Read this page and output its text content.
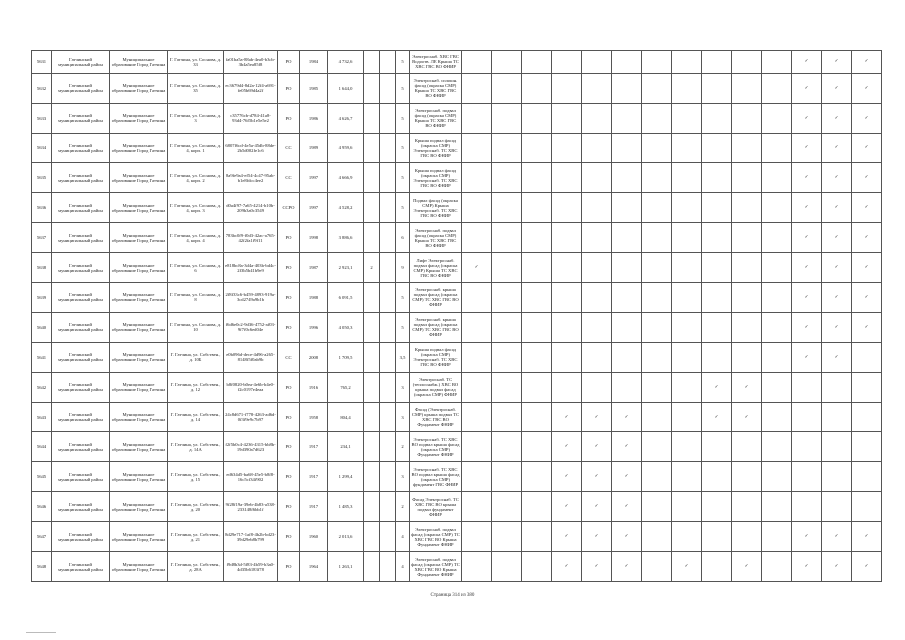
5631	Гатчинский муниципальный район	Муниципальное образование Город Гатчина	Г. Гатчина, ул. Соснова, д. 33	fa01ba5a-88ab-4ea0-b3cb-3b4a5ea85f8	PO	1984	4 732,6			5	Электроснаб. ХВС ГВС Водоотв. ЛЕ Крыша ТС ХВС ГВС ВО ФНИР												✓	✓	✓
5632	Гатчинский муниципальный район	Муниципальное образование Город Гатчина	Г. Гатчина, ул. Соснова, д. 35	ec3679d4-8d2a-12f4-a691-fe05b69d4a2f	PO	1985	1 644,0			5	Электроснаб. сплошн. фасад (окраска СМР) Крыша ТС ХВС ГВС ВО ФНИР												✓	✓	✓
5633	Гатчинский муниципальный район	Муниципальное образование Город Гатчина	Г. Гатчина, ул. Соснова, д. 3	c35776cb-d784-41a8-93d4-76f5b1e5e5e2	PO	1986	4 626,7			5	Электроснаб. подвал фасад (окраска СМР) Крыша ТС ХВС ГВС ВО ФНИР												✓	✓	✓
5634	Гатчинский муниципальный район	Муниципальное образование Город Гатчина	Г. Гатчина, ул. Соснова, д. 4, корп. 1	6807f6cd-4e5a-45db-88de-2b5d002fe1c6	CC	1989	4 959,6			5	Крыша подвал фасад (окраска СМР) Электроснаб. ТС ХВС ГВС ВО ФНИР												✓	✓	✓
5635	Гатчинский муниципальный район	Муниципальное образование Город Гатчина	Г. Гатчина, ул. Соснова, д. 4, корп. 2	8a9fe9a4-ef54-4c47-95ab-b1e8fdcc4ee2	CC	1997	4 666,9			5	Крыша подвал фасад (окраска СМР) Электроснаб. ТС ХВС ГВС ВО ФНИР												✓	✓	✓
5636	Гатчинский муниципальный район	Муниципальное образование Город Гатчина	Г. Гатчина, ул. Соснова, д. 4, корп. 3	d0a4f97-7a65-4214-b10b-209b3a0c3549	CCPO	1997	4 528,2			5	Подвал фасад (окраска СМР) Крыша Электроснаб. ТС ХВС ГВС ВО ФНИР												✓	✓	✓
5637	Гатчинский муниципальный район	Муниципальное образование Город Гатчина	Г. Гатчина, ул. Соснова, д. 4, корп. 4	783bc0f9-f0d3-42ac-a765-42f2fa1f9f11	PO	1998	3 886,6			6	Электроснаб. подвал фасад (окраска СМР) Крыша ТС ХВС ГВС ВО ФНИР												✓	✓	✓
5638	Гатчинский муниципальный район	Муниципальное образование Город Гатчина	Г. Гатчина, ул. Соснова, д. 6	e818bc8a-3d4a-403b-bd4c-2f3b5b41b9e9	PO	1987	2 923,1	2		9	Лифт Электроснаб. подвал фасад (окраска СМР) Крыша ТС ХВС ГВС ВО ФНИР	✓											✓	✓	✓
5639	Гатчинский муниципальный район	Муниципальное образование Город Гатчина	Г. Гатчина, ул. Соснова, д. 8	2f8f33c6-b459-4893-919a-3cd2749a9b1b	PO	1988	6 091,5			5	Электроснаб. крыша подвал фасад (окраска СМР) ТС ХВС ГВС ВО ФНИР												✓	✓	✓
5640	Гатчинский муниципальный район	Муниципальное образование Город Гатчина	Г. Гатчина, ул. Соснова, д. 10	f6d6e0c2-9d36-4752-af03-9f7f0c6ed04e	PO	1996	4 050,3			5	Электроснаб. крыша подвал фасад (окраска СМР) ТС ХВС ГВС ВО ФНИР												✓	✓	✓
5641	Гатчинский муниципальный район	Муниципальное образование Город Гатчина	Г. Гатчина, ул. Собствен., д. 10Б	e0b096d-dece-4d96-a265-8148f5f0ab9b	CC	2008	1 709,5			3,5	Крыша подвал фасад (окраска СМР) Электроснаб. ТС ХВС ГВС ВО ФНИР												✓	✓	
5642	Гатчинский муниципальный район	Муниципальное образование Город Гатчина	Г. Гатчина, ул. Собствен., д. 12	b8f0820-b0ea-4e6b-b4e0-f2c0197e4eaa	PO	1916	765,2			3	Электроснаб. ТС (теплоснабж.) ХВС ВО крыша подвал фасад (окраска СМР) ФНИР									✓	✓				
5643	Гатчинский муниципальный район	Муниципальное образование Город Гатчина	Г. Гатчина, ул. Собствен., д. 14	24c8d671-f778-4263-ad6d-0f3f9e9c7b97	PO	1958	804,4			3	Фасад (Электроснаб. СМР) крыша подвал ТС ХВС ГВС ВО Фундамент ФНИР				✓	✓	✓			✓	✓				
5644	Гатчинский муниципальный район	Муниципальное образование Город Гатчина	Г. Гатчина, ул. Собствен., д. 14А	f2f5b0c4-4236-4315-bb8b-19d390a7d623	PO	1917	234,1			2	Электроснаб. ТС ХВС ВО подвал крыша фасад (окраска СМР) Фундамент ФНИР				✓	✓	✓								
5645	Гатчинский муниципальный район	Муниципальное образование Город Гатчина	Г. Гатчина, ул. Собствен., д. 15	ed634d5-ba68-45e5-b8f8-16c5cf34f902	PO	1917	1 299,4			3	Электроснаб. ТС ХВС ВО подвал крыша фасад (окраска СМР) фундамент ГВС ФНИР				✓	✓	✓								
5646	Гатчинский муниципальный район	Муниципальное образование Город Гатчина	Г. Гатчина, ул. Собствен., д. 20	9f28f19a-39eb-4b83-a538-233148f6bb1f	PO	1917	1 485,3			2	Фасад Электроснаб. ТС ХВС ГВС ВО крыша подвал фундамент ФНИР				✓	✓	✓								
5647	Гатчинский муниципальный район	Муниципальное образование Город Гатчина	Г. Гатчина, ул. Собствен., д. 21	8d29e717-1af8-4b2b-bd23-39d29eb8b799	PO	1960	2 013,6			4	Электроснаб. подвал фасад (окраска СМР) ТС ХВС ГВС ВО Крыша Фундамент ФНИР				✓	✓	✓						✓	✓	✓
5648	Гатчинский муниципальный район	Муниципальное образование Город Гатчина	Г. Гатчина, ул. Собствен., д. 28А	f9d8b3d-5f83-4b59-b3a0-4d35b6183f78	PO	1964	1 263,1			4	Электроснаб. подвал фасад (окраска СМР) ТС ХВС ГВС ВО Крыша Фундамент ФНИР				✓	✓	✓		✓		✓		✓	✓	✓
Страница 314 из 380
